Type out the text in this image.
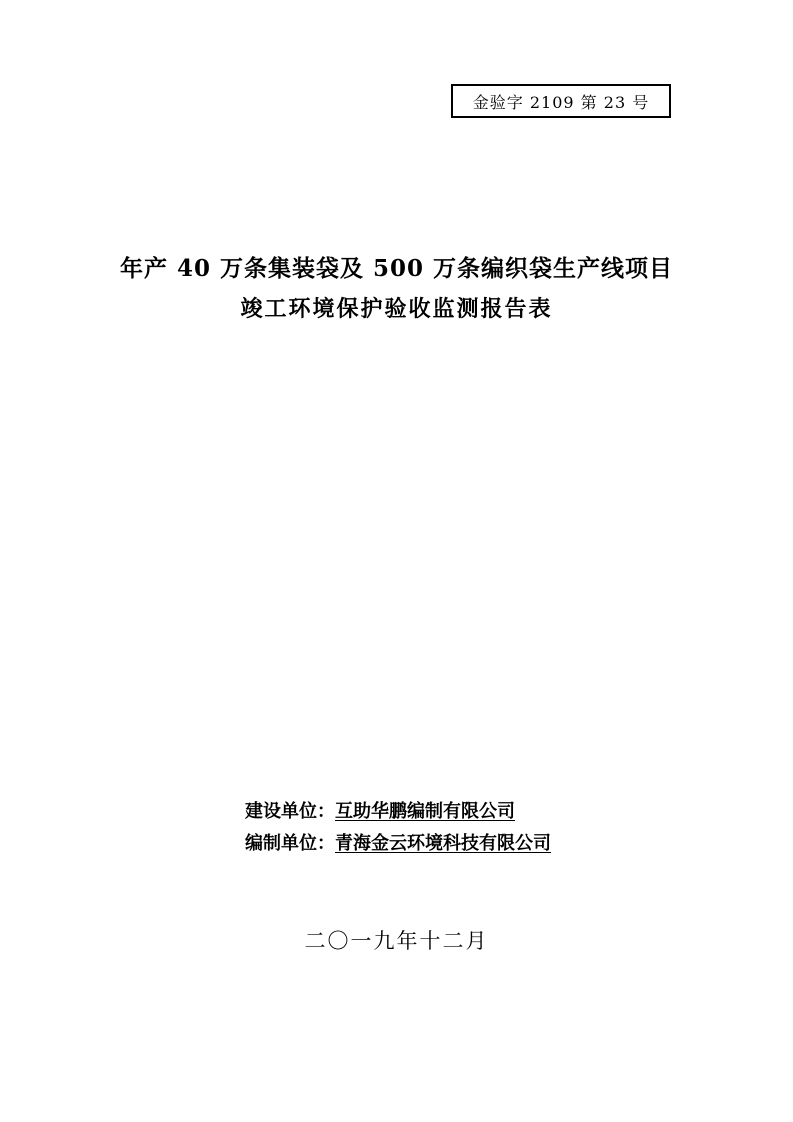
金验字 2109 第 23 号
年产 40 万条集装袋及 500 万条编织袋生产线项目
竣工环境保护验收监测报告表
建设单位：互助华鹏编制有限公司
编制单位：青海金云环境科技有限公司
二〇一九年十二月
